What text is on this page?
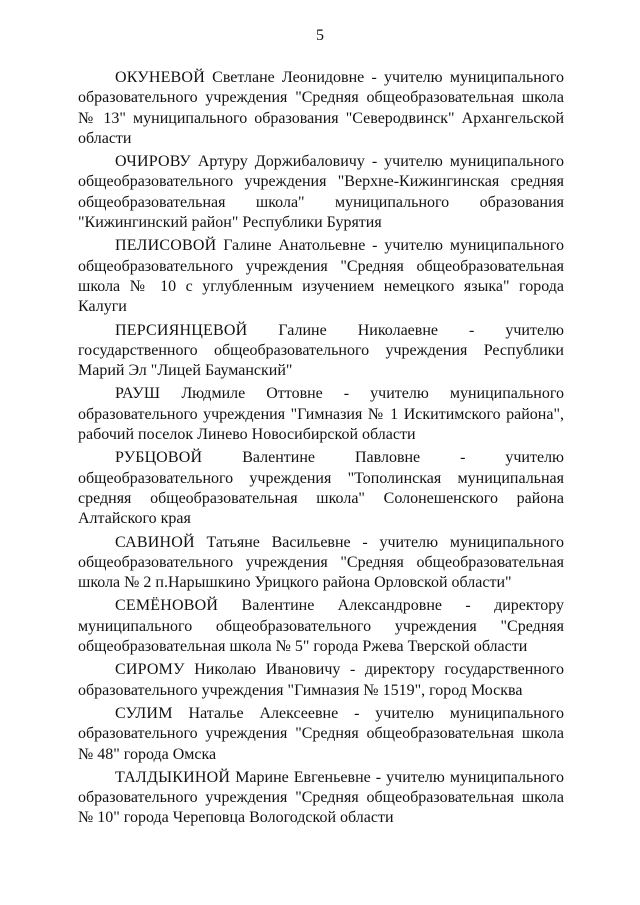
5

ОКУНЕВОЙ Светлане Леонидовне - учителю муниципального образовательного учреждения "Средняя общеобразовательная школа № 13" муниципального образования "Северодвинск" Архангельской области

ОЧИРОВУ Артуру Доржибаловичу - учителю муниципального общеобразовательного учреждения "Верхне-Кижингинская средняя общеобразовательная школа" муниципального образования "Кижингинский район" Республики Бурятия

ПЕЛИСОВОЙ Галине Анатольевне - учителю муниципального общеобразовательного учреждения "Средняя общеобразовательная школа № 10 с углубленным изучением немецкого языка" города Калуги

ПЕРСИЯНЦЕВОЙ Галине Николаевне - учителю государственного общеобразовательного учреждения Республики Марий Эл "Лицей Бауманский"

РАУШ Людмиле Оттовне - учителю муниципального образовательного учреждения "Гимназия № 1 Искитимского района", рабочий поселок Линево Новосибирской области

РУБЦОВОЙ Валентине Павловне - учителю общеобразовательного учреждения "Тополинская муниципальная средняя общеобразовательная школа" Солонешенского района Алтайского края

САВИНОЙ Татьяне Васильевне - учителю муниципального общеобразовательного учреждения "Средняя общеобразовательная школа № 2 п.Нарышкино Урицкого района Орловской области"

СЕМЁНОВОЙ Валентине Александровне - директору муниципального общеобразовательного учреждения "Средняя общеобразовательная школа № 5" города Ржева Тверской области

СИРОМУ Николаю Ивановичу - директору государственного образовательного учреждения "Гимназия № 1519", город Москва

СУЛИМ Наталье Алексеевне - учителю муниципального образовательного учреждения "Средняя общеобразовательная школа № 48" города Омска

ТАЛДЫКИНОЙ Марине Евгеньевне - учителю муниципального образовательного учреждения "Средняя общеобразовательная школа № 10" города Череповца Вологодской области
